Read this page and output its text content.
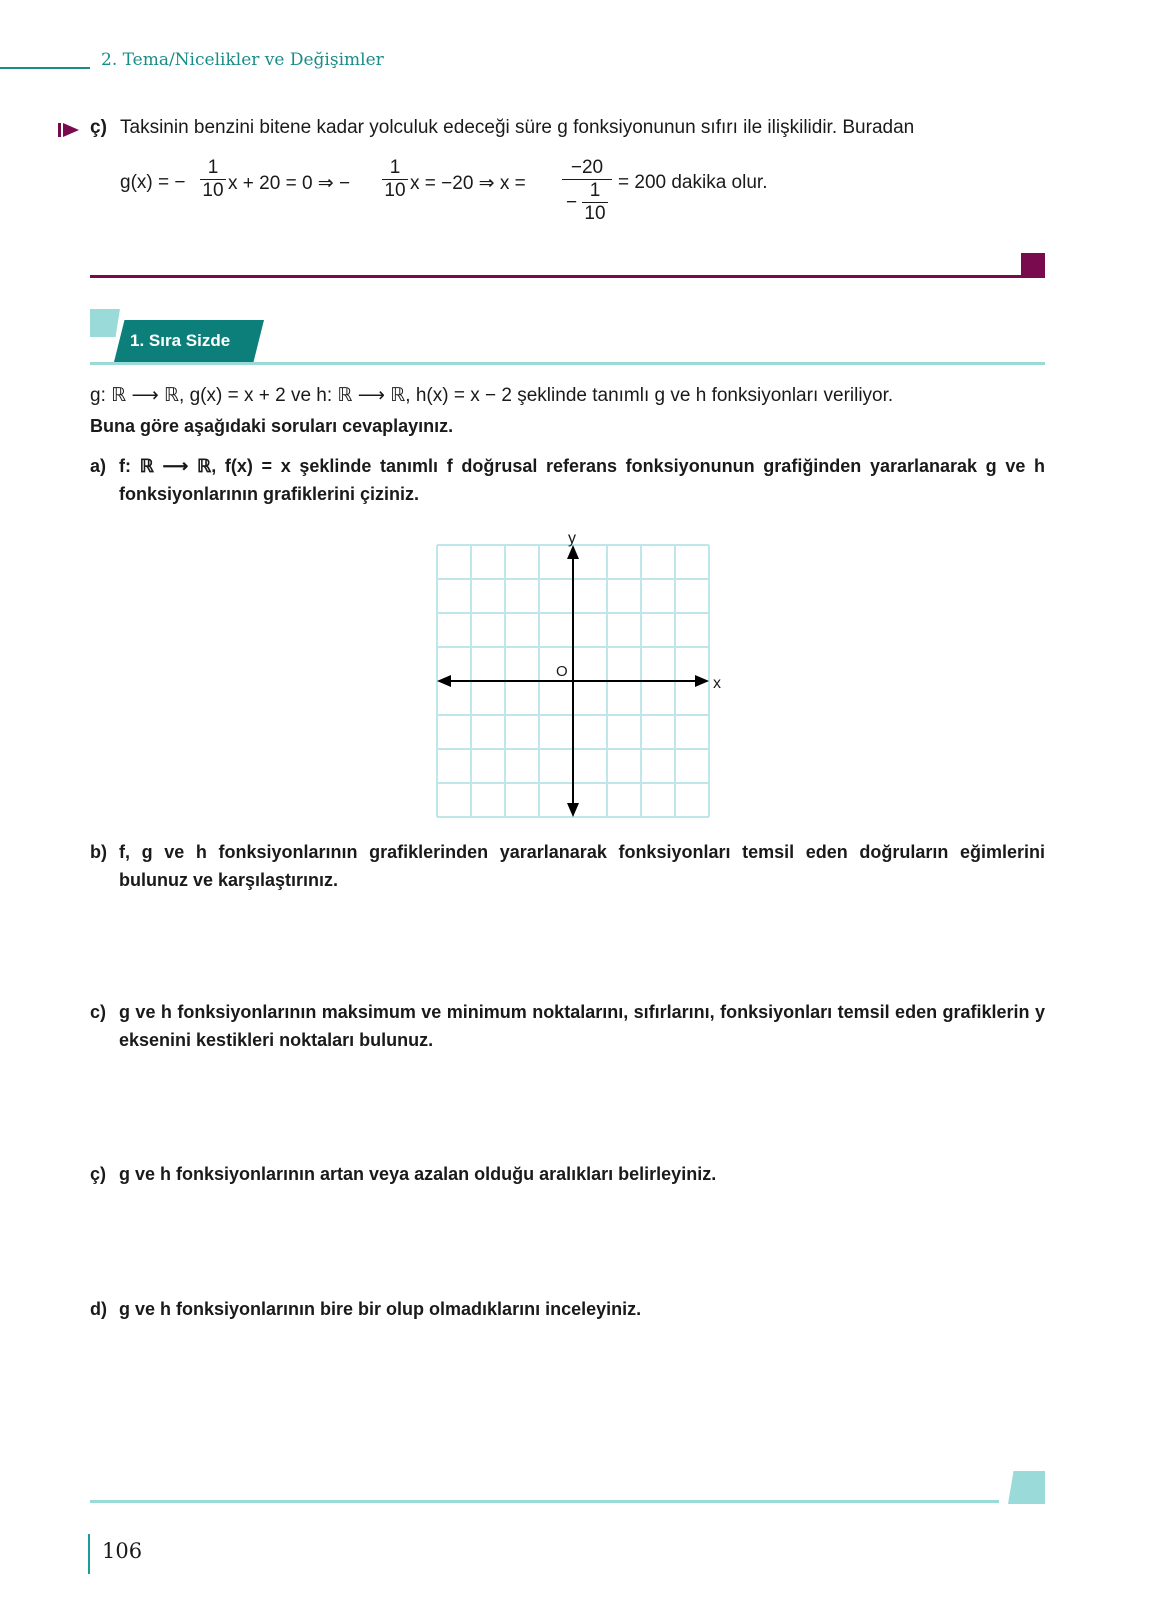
2. Tema/Nicelikler ve Değişimler
ç) Taksinin benzini bitene kadar yolculuk edeceği süre g fonksiyonunun sıfırı ile ilişkilidir. Buradan
g(x) = −
1
10 x + 20 = 0 ⇒ −
1
10 x = −20 ⇒ x =
−20
−
1
10
= 200 dakika olur.
1. Sıra Sizde
g: ℝ ⟶ ℝ, g(x) = x + 2 ve h: ℝ ⟶ ℝ, h(x) = x − 2 şeklinde tanımlı g ve h fonksiyonları veriliyor.
Buna göre aşağıdaki soruları cevaplayınız.
a) f: ℝ ⟶ ℝ, f(x) = x şeklinde tanımlı f doğrusal referans fonksiyonunun grafiğinden yararlanarak g ve h fonksiyonlarının grafiklerini çiziniz.
y
x
O
b) f, g ve h fonksiyonlarının grafiklerinden yararlanarak fonksiyonları temsil eden doğruların eğimlerini bulunuz ve karşılaştırınız.
c) g ve h fonksiyonlarının maksimum ve minimum noktalarını, sıfırlarını, fonksiyonları temsil eden grafiklerin y eksenini kestikleri noktaları bulunuz.
ç) g ve h fonksiyonlarının artan veya azalan olduğu aralıkları belirleyiniz.
d) g ve h fonksiyonlarının bire bir olup olmadıklarını inceleyiniz.
106
